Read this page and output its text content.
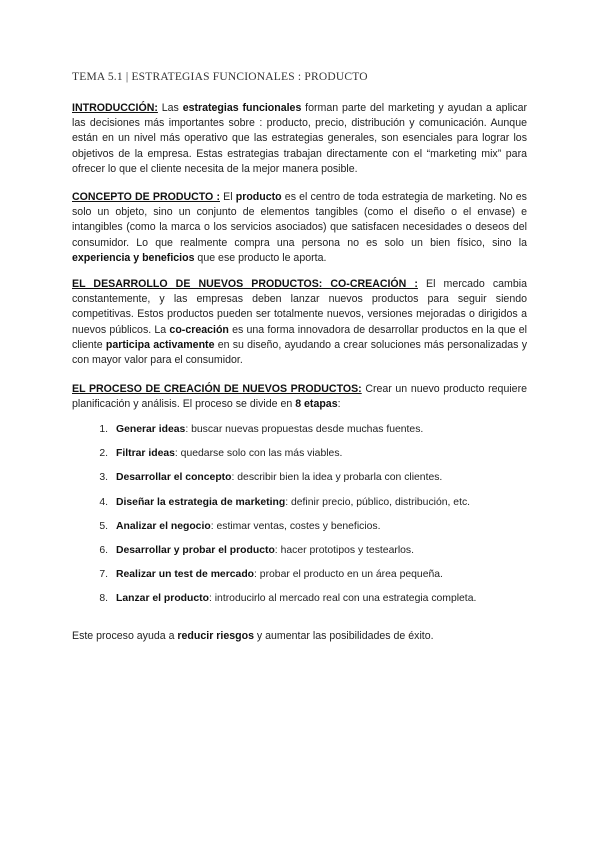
TEMA 5.1 | ESTRATEGIAS FUNCIONALES : PRODUCTO

INTRODUCCIÓN: Las estrategias funcionales forman parte del marketing y ayudan a aplicar las decisiones más importantes sobre : producto, precio, distribución y comunicación. Aunque están en un nivel más operativo que las estrategias generales, son esenciales para lograr los objetivos de la empresa. Estas estrategias trabajan directamente con el “marketing mix” para ofrecer lo que el cliente necesita de la mejor manera posible.

CONCEPTO DE PRODUCTO : El producto es el centro de toda estrategia de marketing. No es solo un objeto, sino un conjunto de elementos tangibles (como el diseño o el envase) e intangibles (como la marca o los servicios asociados) que satisfacen necesidades o deseos del consumidor. Lo que realmente compra una persona no es solo un bien físico, sino la experiencia y beneficios que ese producto le aporta.

EL DESARROLLO DE NUEVOS PRODUCTOS: CO-CREACIÓN : El mercado cambia constantemente, y las empresas deben lanzar nuevos productos para seguir siendo competitivas. Estos productos pueden ser totalmente nuevos, versiones mejoradas o dirigidos a nuevos públicos. La co-creación es una forma innovadora de desarrollar productos en la que el cliente participa activamente en su diseño, ayudando a crear soluciones más personalizadas y con mayor valor para el consumidor.

EL PROCESO DE CREACIÓN DE NUEVOS PRODUCTOS: Crear un nuevo producto requiere planificación y análisis. El proceso se divide en 8 etapas:

1. Generar ideas: buscar nuevas propuestas desde muchas fuentes.
2. Filtrar ideas: quedarse solo con las más viables.
3. Desarrollar el concepto: describir bien la idea y probarla con clientes.
4. Diseñar la estrategia de marketing: definir precio, público, distribución, etc.
5. Analizar el negocio: estimar ventas, costes y beneficios.
6. Desarrollar y probar el producto: hacer prototipos y testearlos.
7. Realizar un test de mercado: probar el producto en un área pequeña.
8. Lanzar el producto: introducirlo al mercado real con una estrategia completa.

Este proceso ayuda a reducir riesgos y aumentar las posibilidades de éxito.
